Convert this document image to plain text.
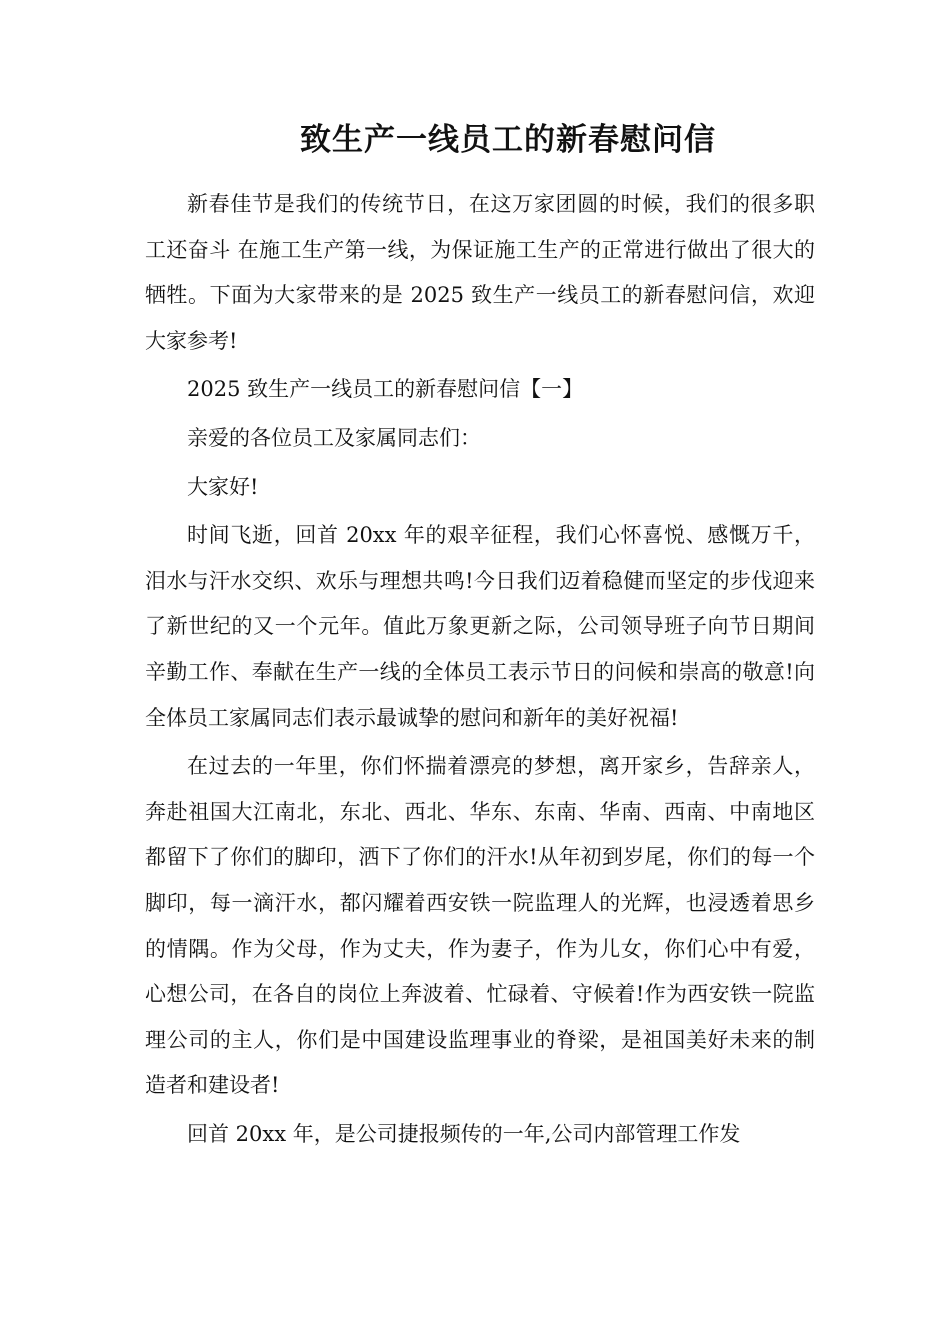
致生产一线员工的新春慰问信

新春佳节是我们的传统节日，在这万家团圆的时候，我们的很多职工还奋斗 在施工生产第一线，为保证施工生产的正常进行做出了很大的牺牲。下面为大家带来的是 2025 致生产一线员工的新春慰问信，欢迎大家参考!

2025 致生产一线员工的新春慰问信【一】

亲爱的各位员工及家属同志们：

大家好!

时间飞逝，回首 20xx 年的艰辛征程，我们心怀喜悦、感慨万千，泪水与汗水交织、欢乐与理想共鸣!今日我们迈着稳健而坚定的步伐迎来了新世纪的又一个元年。值此万象更新之际，公司领导班子向节日期间辛勤工作、奉献在生产一线的全体员工表示节日的问候和崇高的敬意!向全体员工家属同志们表示最诚挚的慰问和新年的美好祝福!

在过去的一年里，你们怀揣着漂亮的梦想，离开家乡，告辞亲人，奔赴祖国大江南北，东北、西北、华东、东南、华南、西南、中南地区都留下了你们的脚印，洒下了你们的汗水!从年初到岁尾，你们的每一个脚印，每一滴汗水，都闪耀着西安铁一院监理人的光辉，也浸透着思乡的情隅。作为父母，作为丈夫，作为妻子，作为儿女，你们心中有爱，心想公司，在各自的岗位上奔波着、忙碌着、守候着!作为西安铁一院监理公司的主人，你们是中国建设监理事业的脊梁，是祖国美好未来的制造者和建设者!

回首 20xx 年，是公司捷报频传的一年,公司内部管理工作发
